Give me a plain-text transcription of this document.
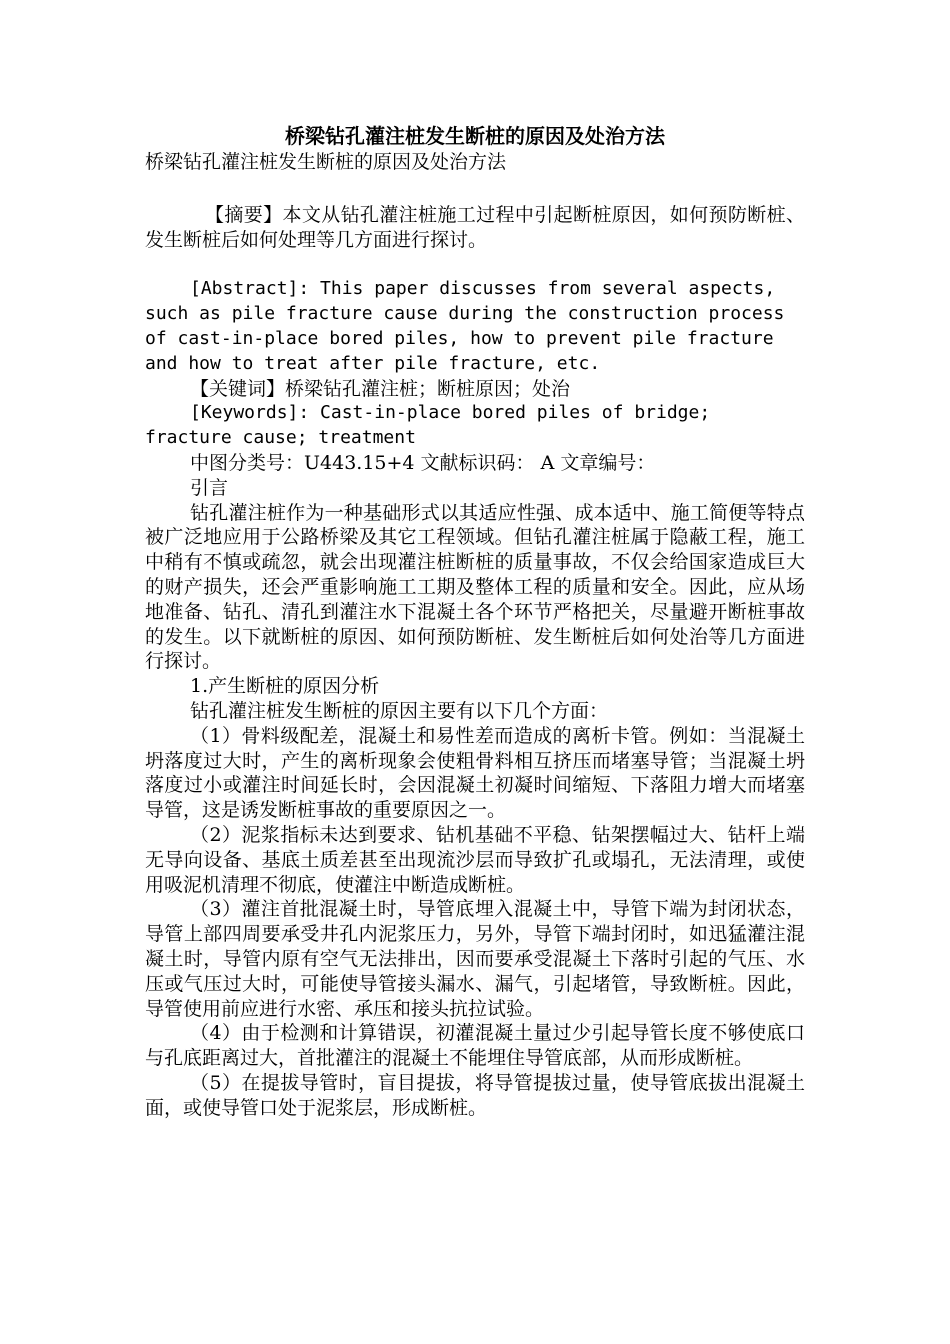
桥梁钻孔灌注桩发生断桩的原因及处治方法

桥梁钻孔灌注桩发生断桩的原因及处治方法

【摘要】本文从钻孔灌注桩施工过程中引起断桩原因，如何预防断桩、发生断桩后如何处理等几方面进行探讨。

[Abstract]: This paper discusses from several aspects, such as pile fracture cause during the construction process of cast-in-place bored piles, how to prevent pile fracture and how to treat after pile fracture, etc.

【关键词】桥梁钻孔灌注桩；断桩原因；处治

[Keywords]: Cast-in-place bored piles of bridge; fracture cause; treatment

中图分类号：U443.15+4 文献标识码： A 文章编号：

引言

钻孔灌注桩作为一种基础形式以其适应性强、成本适中、施工简便等特点被广泛地应用于公路桥梁及其它工程领域。但钻孔灌注桩属于隐蔽工程，施工中稍有不慎或疏忽，就会出现灌注桩断桩的质量事故，不仅会给国家造成巨大的财产损失，还会严重影响施工工期及整体工程的质量和安全。因此，应从场地准备、钻孔、清孔到灌注水下混凝土各个环节严格把关，尽量避开断桩事故的发生。以下就断桩的原因、如何预防断桩、发生断桩后如何处治等几方面进行探讨。

1.产生断桩的原因分析

钻孔灌注桩发生断桩的原因主要有以下几个方面：

（1）骨料级配差，混凝土和易性差而造成的离析卡管。例如：当混凝土坍落度过大时，产生的离析现象会使粗骨料相互挤压而堵塞导管；当混凝土坍落度过小或灌注时间延长时，会因混凝土初凝时间缩短、下落阻力增大而堵塞导管，这是诱发断桩事故的重要原因之一。

（2）泥浆指标未达到要求、钻机基础不平稳、钻架摆幅过大、钻杆上端无导向设备、基底土质差甚至出现流沙层而导致扩孔或塌孔，无法清理，或使用吸泥机清理不彻底，使灌注中断造成断桩。

（3）灌注首批混凝土时，导管底埋入混凝土中，导管下端为封闭状态，导管上部四周要承受井孔内泥浆压力，另外，导管下端封闭时，如迅猛灌注混凝土时，导管内原有空气无法排出，因而要承受混凝土下落时引起的气压、水压或气压过大时，可能使导管接头漏水、漏气，引起堵管，导致断桩。因此，导管使用前应进行水密、承压和接头抗拉试验。

（4）由于检测和计算错误，初灌混凝土量过少引起导管长度不够使底口与孔底距离过大，首批灌注的混凝土不能埋住导管底部，从而形成断桩。

（5）在提拔导管时，盲目提拔，将导管提拔过量，使导管底拔出混凝土面，或使导管口处于泥浆层，形成断桩。
